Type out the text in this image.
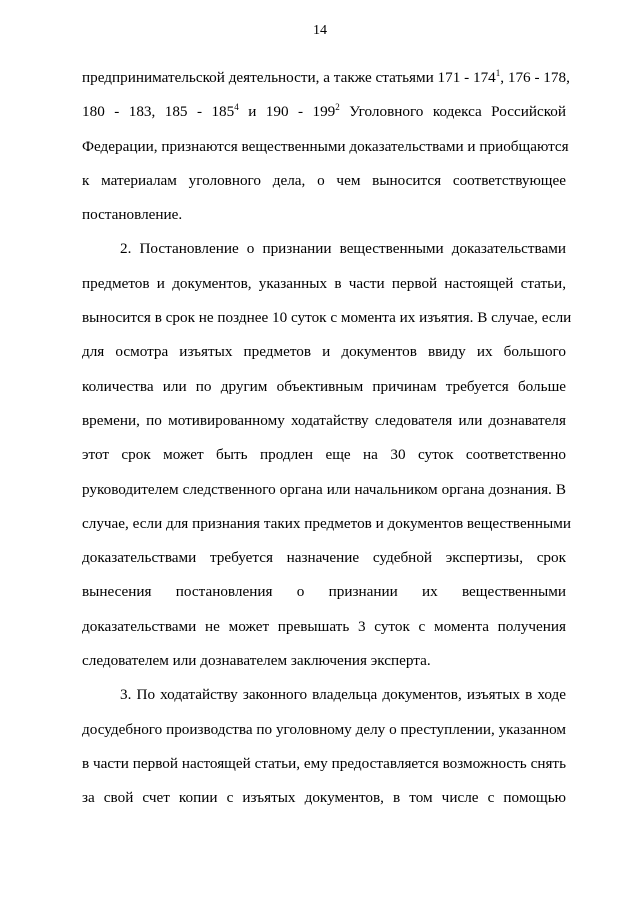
14
предпринимательской деятельности, а также статьями $171 - 174^1$, 176 - 178,
180 - 183, $185 - 185^4$ и $190 - 199^2$ Уголовного кодекса Российской
Федерации, признаются вещественными доказательствами и приобщаются
к материалам уголовного дела, о чем выносится соответствующее
постановление.
2. Постановление о признании вещественными доказательствами
предметов и документов, указанных в части первой настоящей статьи,
выносится в срок не позднее 10 суток с момента их изъятия. В случае, если
для осмотра изъятых предметов и документов ввиду их большого
количества или по другим объективным причинам требуется больше
времени, по мотивированному ходатайству следователя или дознавателя
этот срок может быть продлен еще на 30 суток соответственно
руководителем следственного органа или начальником органа дознания. В
случае, если для признания таких предметов и документов вещественными
доказательствами требуется назначение судебной экспертизы, срок
вынесения постановления о признании их вещественными
доказательствами не может превышать 3 суток с момента получения
следователем или дознавателем заключения эксперта.
3. По ходатайству законного владельца документов, изъятых в ходе
досудебного производства по уголовному делу о преступлении, указанном
в части первой настоящей статьи, ему предоставляется возможность снять
за свой счет копии с изъятых документов, в том числе с помощью
